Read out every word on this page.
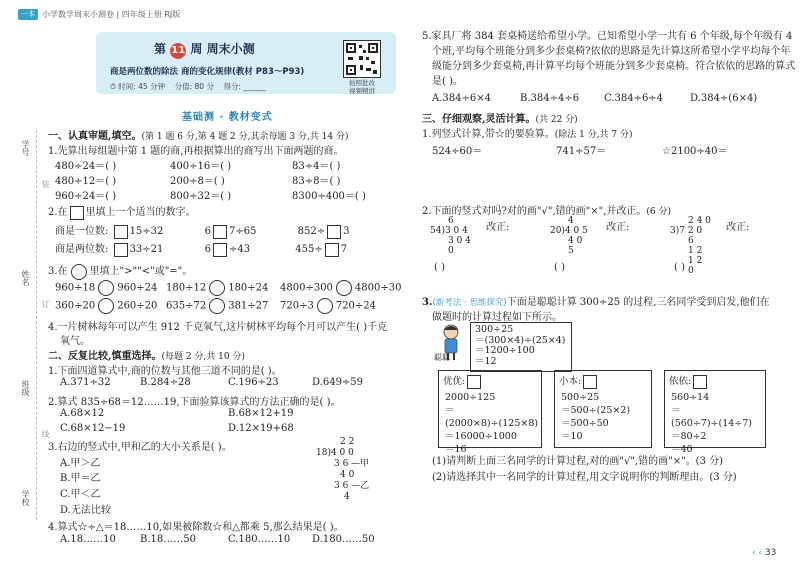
一本 小学数学周末小测卷 | 四年级上册 RJ版
学号
姓名
班级
学校
装
订
线
第 11 周 周末小测
商是两位数的除法 商的变化规律(教材 P83～P93)
⏱ 时间: 45 分钟 分值: 80 分 得分: ______	拍照批改
视频精讲
基础测 · 教材变式
一、认真审题,填空。(第 1 题 6 分,第 4 题 2 分,其余每题 3 分,共 14 分)
1.先算出每组题中第 1 题的商,再根据算出的商写出下面两题的商。
480÷24＝( )	400÷16＝( )	83÷4＝( )
480÷12＝( )	200÷8＝( )	83÷8＝( )
960÷24＝( )	800÷32＝( )	8300÷400＝( )
2.在 里填上一个适当的数字。
商是一位数: 15÷32	6 7÷65	852÷ 3
商是两位数: 33÷21	6 ÷43	455÷ 7
3.在 里填上">""<"或"="。
960÷18 960÷24 180÷12 180÷24 4800÷300 4800÷30
360÷20 260÷20 635÷72 381÷27 720÷3 720÷24
4.一片树林每年可以产生 912 千克氧气,这片树林平均每个月可以产生( )千克
氧气。
二、反复比较,慎重选择。(每题 2 分,共 10 分)
1.下面四道算式中,商的位数与其他三道不同的是( )。
A.371÷32	B.284÷28	C.196÷23	D.649÷59
2.算式 835÷68＝12……19,下面验算该算式的方法正确的是( )。
A.68×12	B.68×12+19
C.68×12−19	D.12×19+68
3.右边的竖式中,甲和乙的大小关系是( )。
A.甲＞乙
B.甲＝乙
C.甲＜乙
D.无法比较
2 2
18)4 0 0
3 6 —甲
4 0
3 6 —乙
4
4.算式☆÷△＝18……10,如果被除数☆和△都乘 5,那么结果是( )。
A.18……10 B.18……50	C.180……10 D.180……50
5.家具厂将 384 套桌椅送给希望小学。已知希望小学一共有 6 个年级,每个年级有 4
个班,平均每个班能分到多少套桌椅?依依的思路是先计算这所希望小学平均每个年
级能分到多少套桌椅,再计算平均每个班能分到多少套桌椅。符合依依的思路的算式
是( )。
A.384÷6×4	B.384÷4÷6 C.384÷6÷4	D.384÷(6×4)
三、仔细观察,灵活计算。(共 22 分)
1.列竖式计算,带☆的要验算。(除法 1 分,共 7 分)
524÷60＝	741÷57＝	☆2100÷40＝
2.下面的竖式对吗?对的画"√",错的画"×",并改正。(6 分)
6
54)3 0 4
3 0 4
0
改正:
( )
4
20)4 0 5
4 0
5
改正:
( )
2 4 0
3)7 2 0
6
1 2
1 2
0
改正:
( )
3.(新考法 · 思维探究)下面是聪聪计算 300÷25 的过程,三名同学受到启发,他们在
做题时的计算过程如下所示。
聪聪
300÷25
＝(300×4)÷(25×4)
＝1200÷100
＝12
优优:
2000÷125
＝(2000×8)÷(125×8)
＝16000÷1000
＝16
小本:
500÷25
＝500÷(25×2)
＝500÷50
＝10
依依:
560÷14
＝(560÷7)÷(14÷7)
＝80÷2
＝40
(1)请判断上面三名同学的计算过程,对的画"√",错的画"×"。(3 分)
(2)请选择其中一名同学的计算过程,用文字说明你的判断理由。(3 分)
‹ ‹ 33
